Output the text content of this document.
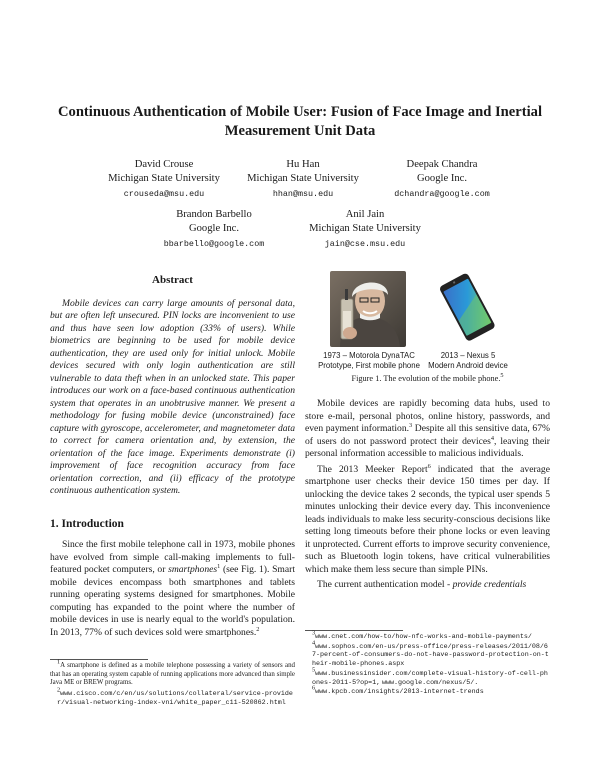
Continuous Authentication of Mobile User: Fusion of Face Image and Inertial Measurement Unit Data
David Crouse
Michigan State University
crouseda@msu.edu
Hu Han
Michigan State University
hhan@msu.edu
Deepak Chandra
Google Inc.
dchandra@google.com
Brandon Barbello
Google Inc.
bbarbello@google.com
Anil Jain
Michigan State University
jain@cse.msu.edu
Abstract

Mobile devices can carry large amounts of personal data, but are often left unsecured. PIN locks are inconvenient to use and thus have seen low adoption (33% of users). While biometrics are beginning to be used for mobile device authentication, they are used only for initial unlock. Mobile devices secured with only login authentication are still vulnerable to data theft when in an unlocked state. This paper introduces our work on a face-based continuous authentication system that operates in an unobtrusive manner. We present a methodology for fusing mobile device (unconstrained) face capture with gyroscope, accelerometer, and magnetometer data to correct for camera orientation and, by extension, the orientation of the face image. Experiments demonstrate (i) improvement of face recognition accuracy from face orientation correction, and (ii) efficacy of the prototype continuous authentication system.

1. Introduction

Since the first mobile telephone call in 1973, mobile phones have evolved from simple call-making implements to full-featured pocket computers, or smartphones$^1$ (see Fig. 1). Smart mobile devices encompass both smartphones and tablets running operating systems designed for smartphones. Mobile computing has expanded to the point where the number of mobile devices in use is nearly equal to the world's population. In 2013, 77% of such devices sold were smartphones.$^2$

$^1$A smartphone is defined as a mobile telephone possessing a variety of sensors and that has an operating system capable of running applications more advanced than simple Java ME or BREW programs.
$^2$www.cisco.com/c/en/us/solutions/collateral/service-provider/visual-networking-index-vni/white_paper_c11-520862.html
1973 – Motorola DynaTAC
Prototype, First mobile phone
2013 – Nexus 5
Modern Android device
Figure 1. The evolution of the mobile phone.$^5$

Mobile devices are rapidly becoming data hubs, used to store e-mail, personal photos, online history, passwords, and even payment information.$^3$ Despite all this sensitive data, 67% of users do not password protect their devices$^4$, leaving their personal information accessible to malicious individuals.

The 2013 Meeker Report$^6$ indicated that the average smartphone user checks their device 150 times per day. If unlocking the device takes 2 seconds, the typical user spends 5 minutes unlocking their device every day. This inconvenience leads individuals to make less security-conscious decisions like setting long timeouts before their phone locks or even leaving it unprotected. Current efforts to improve security convenience, such as Bluetooth login tokens, have critical vulnerabilities which make them less secure than simple PINs.

The current authentication model - provide credentials

$^3$www.cnet.com/how-to/how-nfc-works-and-mobile-payments/
$^4$www.sophos.com/en-us/press-office/press-releases/2011/08/67-percent-of-consumers-do-not-have-password-protection-on-their-mobile-phones.aspx
$^5$www.businessinsider.com/complete-visual-history-of-cell-phones-2011-5?op=1, www.google.com/nexus/5/.
$^6$www.kpcb.com/insights/2013-internet-trends
